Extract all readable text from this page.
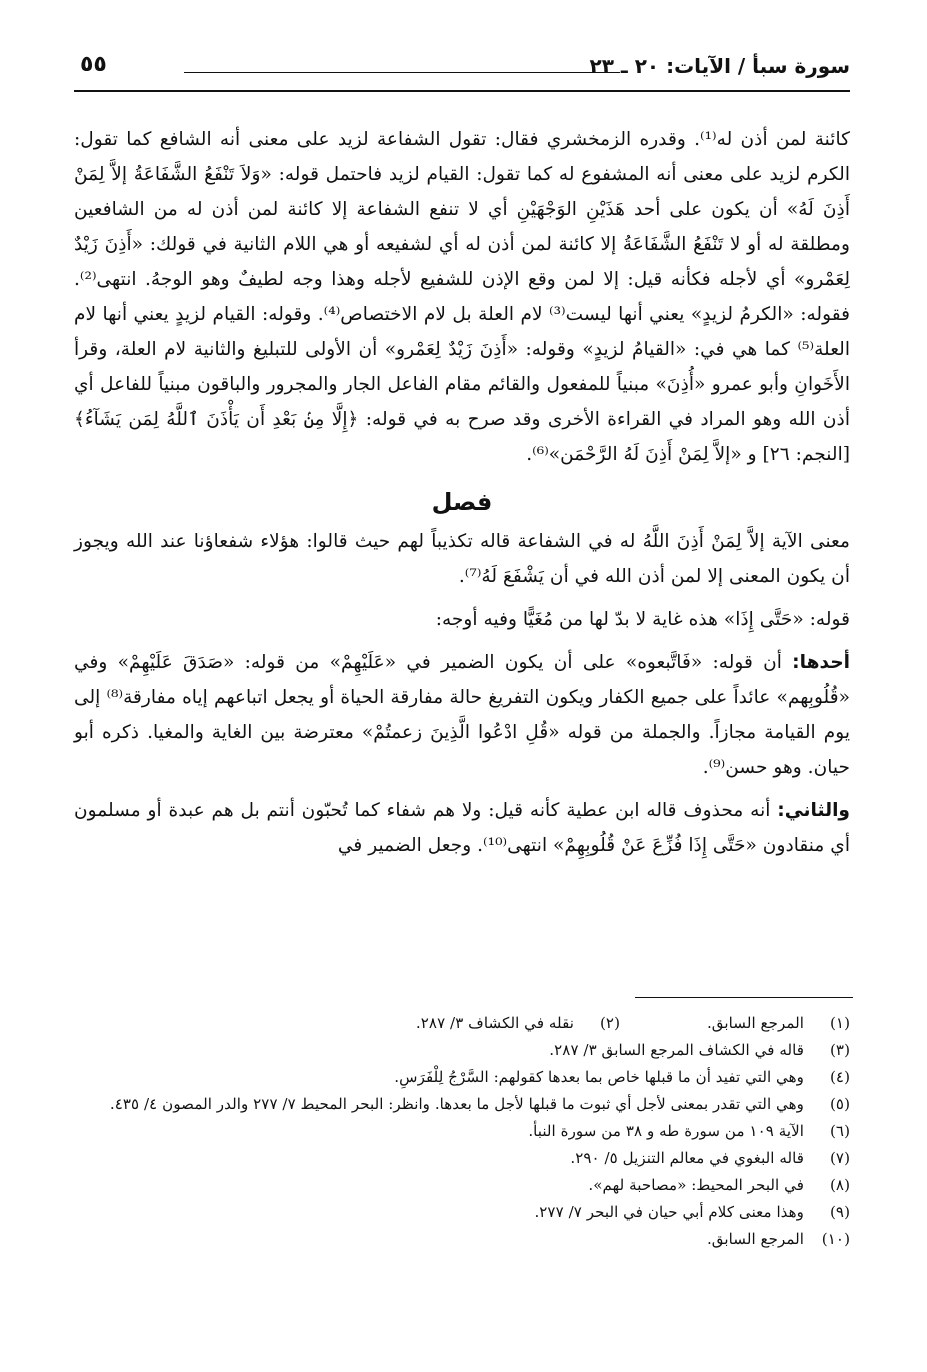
سورة سبأ / الآيات: ٢٠ ـ ٢٣
٥٥

كائنة لمن أذن له⁽¹⁾. وقدره الزمخشري فقال: تقول الشفاعة لزيد على معنى أنه الشافع كما تقول: الكرم لزيد على معنى أنه المشفوع له كما تقول: القيام لزيد فاحتمل قوله: «وَلاَ تَنْفَعُ الشَّفَاعَةُ إلاَّ لِمَنْ أَذِنَ لَهُ» أن يكون على أحد هَذَيْنِ الوَجْهَيْنِ أي لا تنفع الشفاعة إلا كائنة لمن أذن له من الشافعين ومطلقة له أو لا تَنْفَعُ الشَّفَاعَةُ إلا كائنة لمن أذن له أي لشفيعه أو هي اللام الثانية في قولك: «أَذِنَ زَيْدٌ لِعَمْرو» أي لأجله فكأنه قيل: إلا لمن وقع الإذن للشفيع لأجله وهذا وجه لطيفٌ وهو الوجهُ. انتهى⁽²⁾. فقوله: «الكرمُ لزيدٍ» يعني أنها ليست⁽³⁾ لام العلة بل لام الاختصاص⁽⁴⁾. وقوله: القيام لزيدٍ يعني أنها لام العلة⁽⁵⁾ كما هي في: «القيامُ لزيدٍ» وقوله: «أَذِنَ زَيْدٌ لِعَمْرو» أن الأولى للتبليغ والثانية لام العلة، وقرأ الأَخَوانِ وأبو عمرو «أُذِنَ» مبنياً للمفعول والقائم مقام الفاعل الجار والمجرور والباقون مبنياً للفاعل أي أذن الله وهو المراد في القراءة الأخرى وقد صرح به في قوله: ﴿إِلَّا مِنۢ بَعْدِ أَن يَأْذَنَ ٱللَّهُ لِمَن يَشَآءُ﴾ [النجم: ٢٦] و «إلاَّ لِمَنْ أَذِنَ لَهُ الرَّحْمَن»⁽⁶⁾.

فصل

معنى الآية إلاَّ لِمَنْ أَذِنَ اللَّهُ له في الشفاعة قاله تكذيباً لهم حيث قالوا: هؤلاء شفعاؤنا عند الله ويجوز أن يكون المعنى إلا لمن أذن الله في أن يَشْفَعَ لَهُ⁽⁷⁾.

قوله: «حَتَّى إِذَا» هذه غاية لا بدّ لها من مُغَيًّا وفيه أوجه:

أحدها: أن قوله: «فَاتَّبعوه» على أن يكون الضمير في «عَلَيْهِمْ» من قوله: «صَدَقَ عَلَيْهِمْ» وفي «قُلُوبِهم» عائداً على جميع الكفار ويكون التفريغ حالة مفارقة الحياة أو يجعل اتباعهم إياه مفارقة⁽⁸⁾ إلى يوم القيامة مجازاً. والجملة من قوله «قُلِ ادْعُوا الَّذِينَ زعمتُمْ» معترضة بين الغاية والمغيا. ذكره أبو حيان. وهو حسن⁽⁹⁾.

والثاني: أنه محذوف قاله ابن عطية كأنه قيل: ولا هم شفاء كما تُحبّون أنتم بل هم عبدة أو مسلمون أي منقادون «حَتَّى إِذَا فُزِّعَ عَنْ قُلُوبِهِمْ» انتهى⁽¹⁰⁾. وجعل الضمير في

(١)
المرجع السابق.
(٢)
نقله في الكشاف ٣/ ٢٨٧.
(٣)
قاله في الكشاف المرجع السابق ٣/ ٢٨٧.
(٤)
وهي التي تفيد أن ما قبلها خاص بما بعدها كقولهم: السَّرْجُ لِلْفَرَسِ.
(٥)
وهي التي تقدر بمعنى لأجل أي ثبوت ما قبلها لأجل ما بعدها. وانظر: البحر المحيط ٧/ ٢٧٧ والدر المصون ٤/ ٤٣٥.
(٦)
الآية ١٠٩ من سورة طه و ٣٨ من سورة النبأ.
(٧)
قاله البغوي في معالم التنزيل ٥/ ٢٩٠.
(٨)
في البحر المحيط: «مصاحبة لهم».
(٩)
وهذا معنى كلام أبي حيان في البحر ٧/ ٢٧٧.
(١٠)
المرجع السابق.
